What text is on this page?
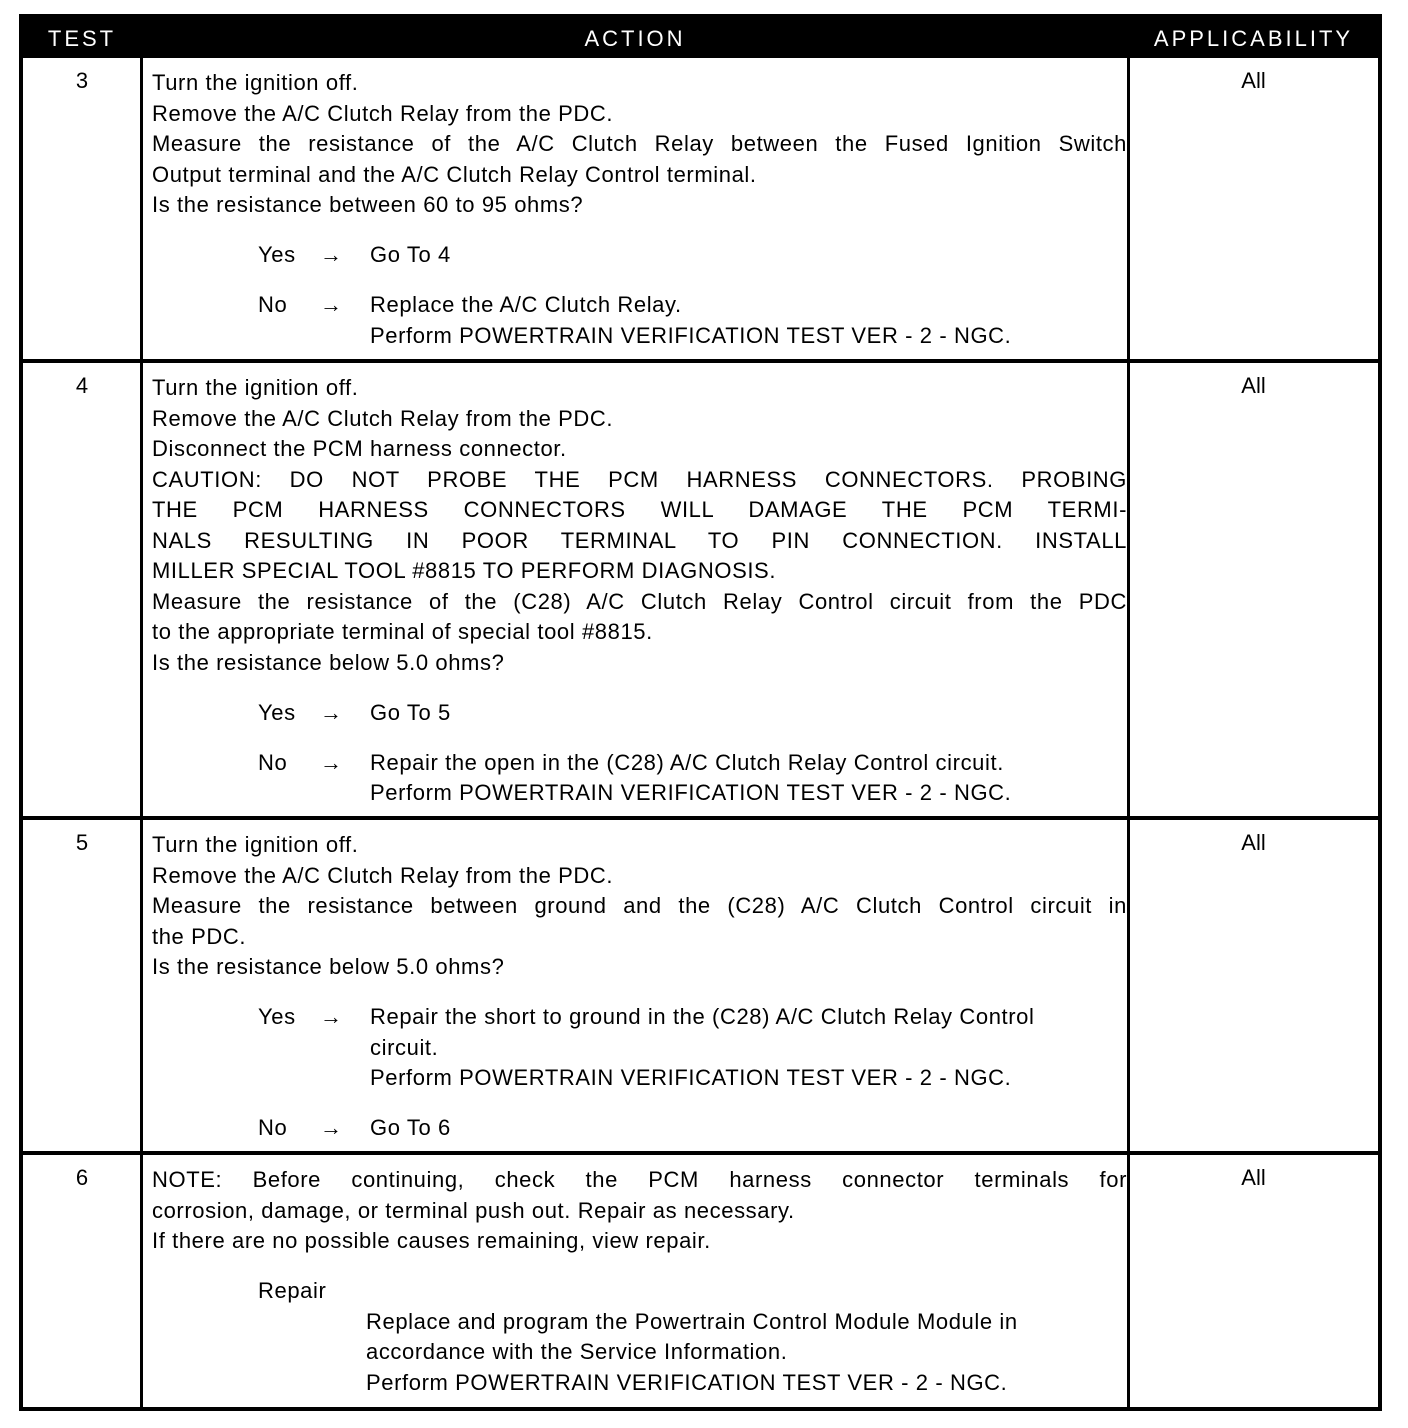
TEST	ACTION	APPLICABILITY
3	Turn the ignition off.
Remove the A/C Clutch Relay from the PDC.
Measure the resistance of the A/C Clutch Relay between the Fused Ignition Switch
Output terminal and the A/C Clutch Relay Control terminal.
Is the resistance between 60 to 95 ohms?
Yes → Go To 4
No → Replace the A/C Clutch Relay.
Perform POWERTRAIN VERIFICATION TEST VER - 2 - NGC.
All
4	Turn the ignition off.
Remove the A/C Clutch Relay from the PDC.
Disconnect the PCM harness connector.
CAUTION: DO NOT PROBE THE PCM HARNESS CONNECTORS. PROBING
THE PCM HARNESS CONNECTORS WILL DAMAGE THE PCM TERMI-
NALS RESULTING IN POOR TERMINAL TO PIN CONNECTION. INSTALL
MILLER SPECIAL TOOL #8815 TO PERFORM DIAGNOSIS.
Measure the resistance of the (C28) A/C Clutch Relay Control circuit from the PDC
to the appropriate terminal of special tool #8815.
Is the resistance below 5.0 ohms?
Yes → Go To 5
No → Repair the open in the (C28) A/C Clutch Relay Control circuit.
Perform POWERTRAIN VERIFICATION TEST VER - 2 - NGC.
All
5	Turn the ignition off.
Remove the A/C Clutch Relay from the PDC.
Measure the resistance between ground and the (C28) A/C Clutch Control circuit in
the PDC.
Is the resistance below 5.0 ohms?
Yes → Repair the short to ground in the (C28) A/C Clutch Relay Control
circuit.
Perform POWERTRAIN VERIFICATION TEST VER - 2 - NGC.
No → Go To 6
All
6	NOTE: Before continuing, check the PCM harness connector terminals for
corrosion, damage, or terminal push out. Repair as necessary.
If there are no possible causes remaining, view repair.
Repair
Replace and program the Powertrain Control Module Module in
accordance with the Service Information.
Perform POWERTRAIN VERIFICATION TEST VER - 2 - NGC.
All
